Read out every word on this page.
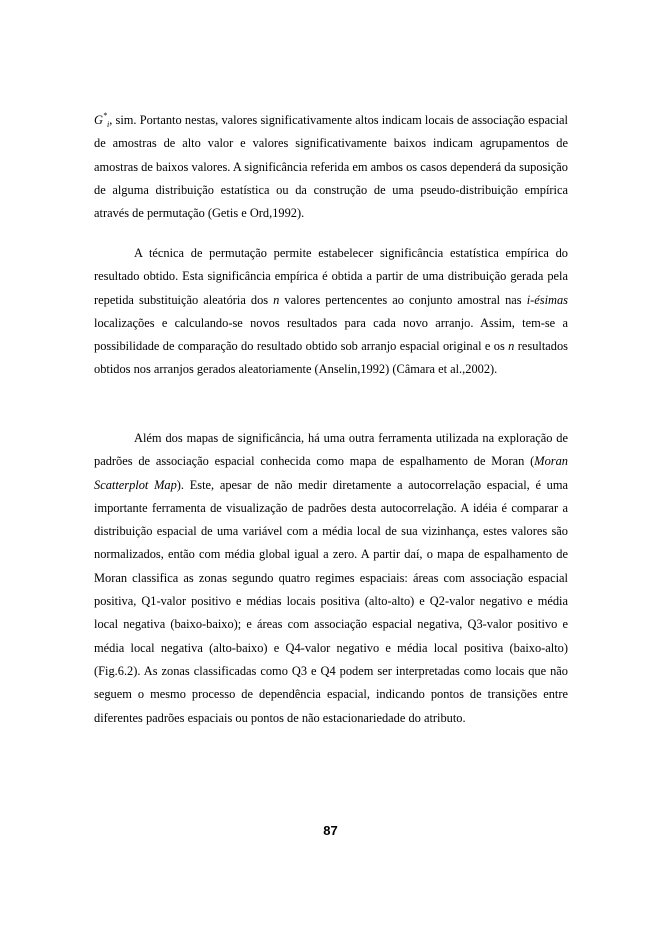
$G^*_i$, sim. Portanto nestas, valores significativamente altos indicam locais de associação espacial de amostras de alto valor e valores significativamente baixos indicam agrupamentos de amostras de baixos valores. A significância referida em ambos os casos dependerá da suposição de alguma distribuição estatística ou da construção de uma pseudo-distribuição empírica através de permutação (Getis e Ord,1992).

A técnica de permutação permite estabelecer significância estatística empírica do resultado obtido. Esta significância empírica é obtida a partir de uma distribuição gerada pela repetida substituição aleatória dos n valores pertencentes ao conjunto amostral nas i-ésimas localizações e calculando-se novos resultados para cada novo arranjo. Assim, tem-se a possibilidade de comparação do resultado obtido sob arranjo espacial original e os n resultados obtidos nos arranjos gerados aleatoriamente (Anselin,1992) (Câmara et al.,2002).

Além dos mapas de significância, há uma outra ferramenta utilizada na exploração de padrões de associação espacial conhecida como mapa de espalhamento de Moran (Moran Scatterplot Map). Este, apesar de não medir diretamente a autocorrelação espacial, é uma importante ferramenta de visualização de padrões desta autocorrelação. A idéia é comparar a distribuição espacial de uma variável com a média local de sua vizinhança, estes valores são normalizados, então com média global igual a zero. A partir daí, o mapa de espalhamento de Moran classifica as zonas segundo quatro regimes espaciais: áreas com associação espacial positiva, Q1-valor positivo e médias locais positiva (alto-alto) e Q2-valor negativo e média local negativa (baixo-baixo); e áreas com associação espacial negativa, Q3-valor positivo e média local negativa (alto-baixo) e Q4-valor negativo e média local positiva (baixo-alto) (Fig.6.2). As zonas classificadas como Q3 e Q4 podem ser interpretadas como locais que não seguem o mesmo processo de dependência espacial, indicando pontos de transições entre diferentes padrões espaciais ou pontos de não estacionariedade do atributo.

87
